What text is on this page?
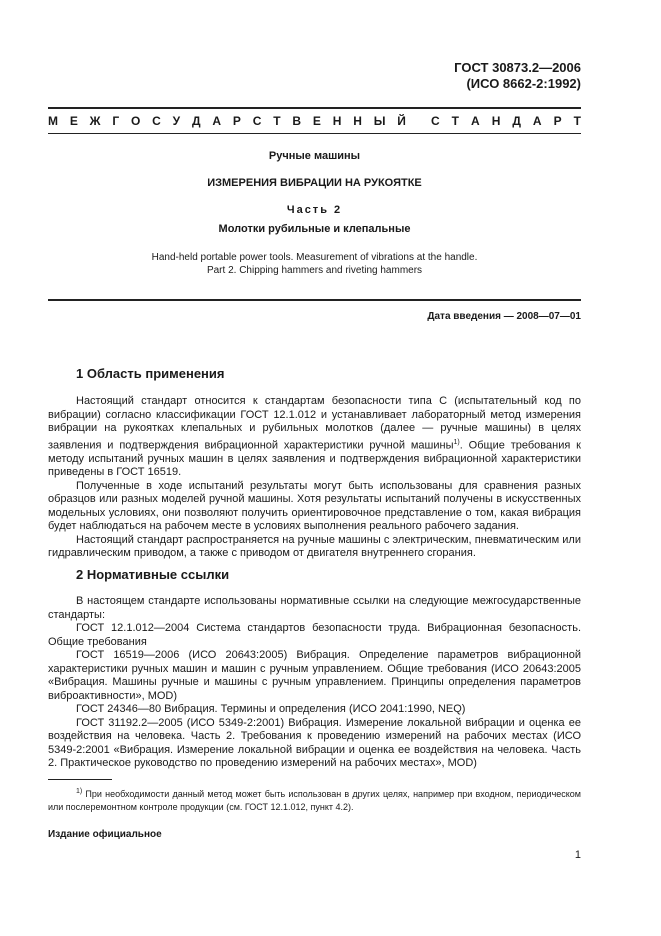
ГОСТ 30873.2—2006
(ИСО 8662-2:1992)
М Е Ж Г О С У Д А Р С Т В Е Н Н Ы Й С Т А Н Д А Р Т
Ручные машины
ИЗМЕРЕНИЯ ВИБРАЦИИ НА РУКОЯТКЕ
Часть 2
Молотки рубильные и клепальные
Hand-held portable power tools. Measurement of vibrations at the handle.
Part 2. Chipping hammers and riveting hammers
Дата введения — 2008—07—01
1 Область применения

Настоящий стандарт относится к стандартам безопасности типа С (испытательный код по вибрации) согласно классификации ГОСТ 12.1.012 и устанавливает лабораторный метод измерения вибрации на рукоятках клепальных и рубильных молотков (далее — ручные машины) в целях заявления и подтверждения вибрационной характеристики ручной машины$^{1)}$. Общие требования к методу испытаний ручных машин в целях заявления и подтверждения вибрационной характеристики приведены в ГОСТ 16519.

Полученные в ходе испытаний результаты могут быть использованы для сравнения разных образцов или разных моделей ручной машины. Хотя результаты испытаний получены в искусственных модельных условиях, они позволяют получить ориентировочное представление о том, какая вибрация будет наблюдаться на рабочем месте в условиях выполнения реального рабочего задания.

Настоящий стандарт распространяется на ручные машины с электрическим, пневматическим или гидравлическим приводом, а также с приводом от двигателя внутреннего сгорания.

2 Нормативные ссылки

В настоящем стандарте использованы нормативные ссылки на следующие межгосударственные стандарты:

ГОСТ 12.1.012—2004 Система стандартов безопасности труда. Вибрационная безопасность. Общие требования

ГОСТ 16519—2006 (ИСО 20643:2005) Вибрация. Определение параметров вибрационной характеристики ручных машин и машин с ручным управлением. Общие требования (ИСО 20643:2005 «Вибрация. Машины ручные и машины с ручным управлением. Принципы определения параметров виброактивности», MOD)

ГОСТ 24346—80 Вибрация. Термины и определения (ИСО 2041:1990, NEQ)

ГОСТ 31192.2—2005 (ИСО 5349-2:2001) Вибрация. Измерение локальной вибрации и оценка ее воздействия на человека. Часть 2. Требования к проведению измерений на рабочих местах (ИСО 5349-2:2001 «Вибрация. Измерение локальной вибрации и оценка ее воздействия на человека. Часть 2. Практическое руководство по проведению измерений на рабочих местах», MOD)

$^{1)}$ При необходимости данный метод может быть использован в других целях, например при входном, периодическом или послеремонтном контроле продукции (см. ГОСТ 12.1.012, пункт 4.2).
Издание официальное
1
